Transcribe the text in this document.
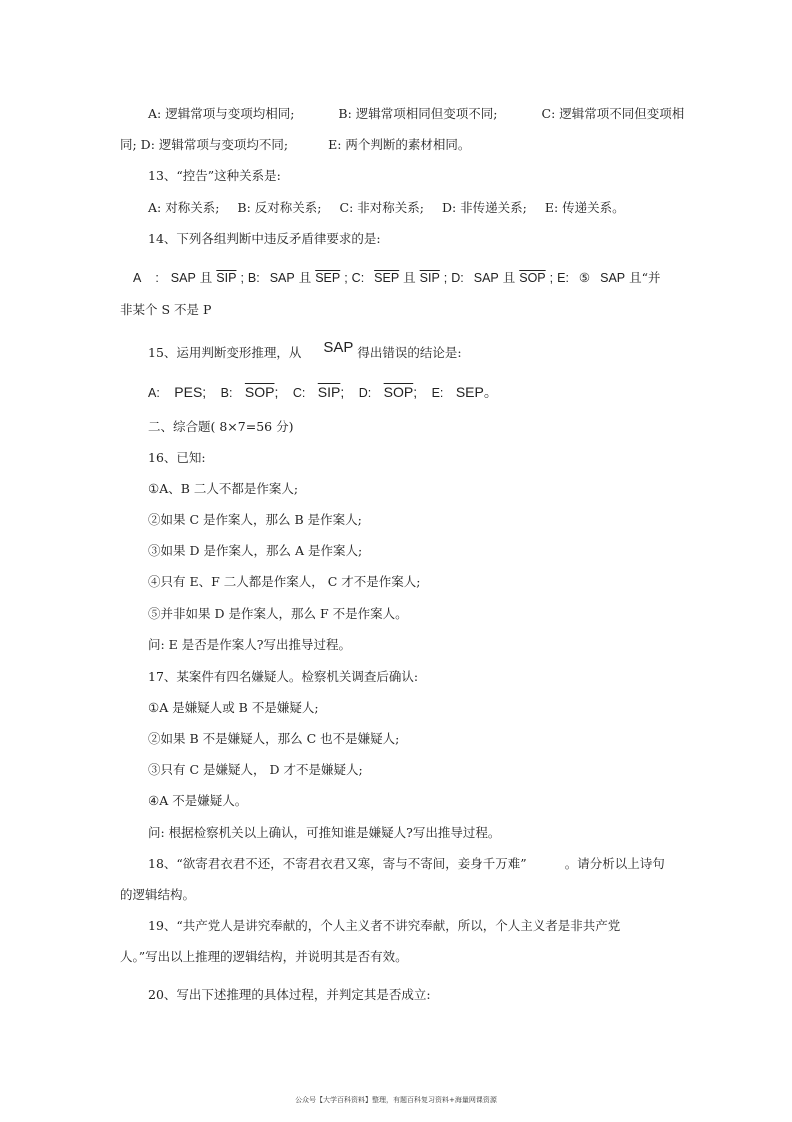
A: 逻辑常项与变项均相同;	B: 逻辑常项相同但变项不同;	C: 逻辑常项不同但变项相
同; D: 逻辑常项与变项均不同;	E: 两个判断的素材相同。
13、“控告”这种关系是:
A: 对称关系; B: 反对称关系; C: 非对称关系; D: 非传递关系; E: 传递关系。
14、下列各组判断中违反矛盾律要求的是:
A : SAP 且 $\overline{SIP}$ ; B: SAP 且 $\overline{SEP}$ ; C: $\overline{SEP}$ 且 $\overline{SIP}$ ; D: SAP 且 $\overline{SOP}$ ; E: ⑤ SAP 且“并
非某个 S 不是 P
15、运用判断变形推理，从 SAP 得出错误的结论是:
A: PES; B: $\overline{SOP}$; C: $\overline{SIP}$; D: $\overline{SOP}$; E: SEP。
二、综合题( 8×7=56 分)
16、已知:
①A、B 二人不都是作案人;
②如果 C 是作案人，那么 B 是作案人;
③如果 D 是作案人，那么 A 是作案人;
④只有 E、F 二人都是作案人， C 才不是作案人;
⑤并非如果 D 是作案人，那么 F 不是作案人。
问: E 是否是作案人?写出推导过程。
17、某案件有四名嫌疑人。检察机关调查后确认:
①A 是嫌疑人或 B 不是嫌疑人;
②如果 B 不是嫌疑人，那么 C 也不是嫌疑人;
③只有 C 是嫌疑人， D 才不是嫌疑人;
④A 不是嫌疑人。
问: 根据检察机关以上确认，可推知谁是嫌疑人?写出推导过程。
18、“欲寄君衣君不还，不寄君衣君又寒，寄与不寄间，妾身千万难”	。请分析以上诗句
的逻辑结构。
19、“共产党人是讲究奉献的，个人主义者不讲究奉献，所以，个人主义者是非共产党
人。”写出以上推理的逻辑结构，并说明其是否有效。
20、写出下述推理的具体过程，并判定其是否成立:
公众号【大学百科资料】整理，有题百科复习资料+海量网课资源
